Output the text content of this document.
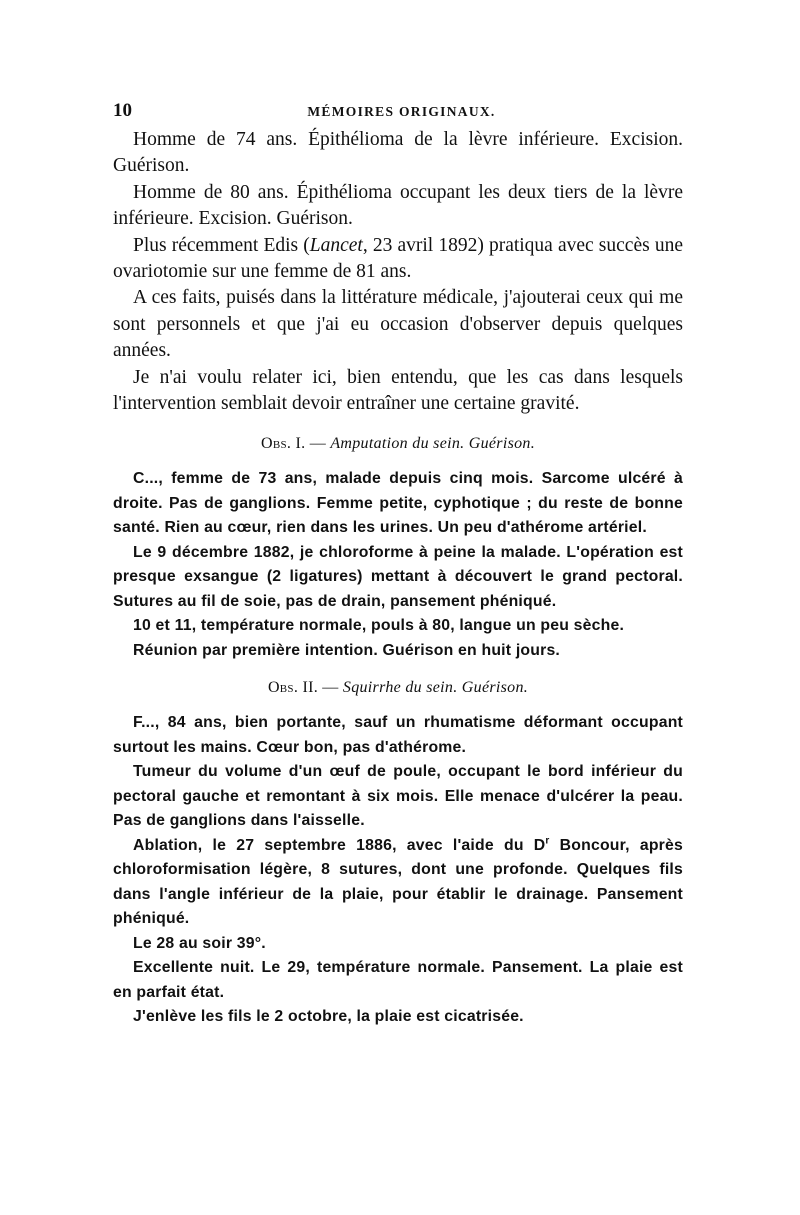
10	MÉMOIRES ORIGINAUX.

Homme de 74 ans. Épithélioma de la lèvre inférieure. Excision. Guérison.

Homme de 80 ans. Épithélioma occupant les deux tiers de la lèvre inférieure. Excision. Guérison.

Plus récemment Edis (Lancet, 23 avril 1892) pratiqua avec succès une ovariotomie sur une femme de 81 ans.

A ces faits, puisés dans la littérature médicale, j'ajouterai ceux qui me sont personnels et que j'ai eu occasion d'observer depuis quelques années.

Je n'ai voulu relater ici, bien entendu, que les cas dans lesquels l'intervention semblait devoir entraîner une certaine gravité.

Obs. I. — Amputation du sein. Guérison.

C..., femme de 73 ans, malade depuis cinq mois. Sarcome ulcéré à droite. Pas de ganglions. Femme petite, cyphotique ; du reste de bonne santé. Rien au cœur, rien dans les urines. Un peu d'athérome artériel.

Le 9 décembre 1882, je chloroforme à peine la malade. L'opération est presque exsangue (2 ligatures) mettant à découvert le grand pectoral. Sutures au fil de soie, pas de drain, pansement phéniqué.

10 et 11, température normale, pouls à 80, langue un peu sèche.

Réunion par première intention. Guérison en huit jours.

Obs. II. — Squirrhe du sein. Guérison.

F..., 84 ans, bien portante, sauf un rhumatisme déformant occupant surtout les mains. Cœur bon, pas d'athérome.

Tumeur du volume d'un œuf de poule, occupant le bord inférieur du pectoral gauche et remontant à six mois. Elle menace d'ulcérer la peau. Pas de ganglions dans l'aisselle.

Ablation, le 27 septembre 1886, avec l'aide du $D^r$ Boncour, après chloroformisation légère, 8 sutures, dont une profonde. Quelques fils dans l'angle inférieur de la plaie, pour établir le drainage. Pansement phéniqué.

Le 28 au soir 39°.

Excellente nuit. Le 29, température normale. Pansement. La plaie est en parfait état.

J'enlève les fils le 2 octobre, la plaie est cicatrisée.
